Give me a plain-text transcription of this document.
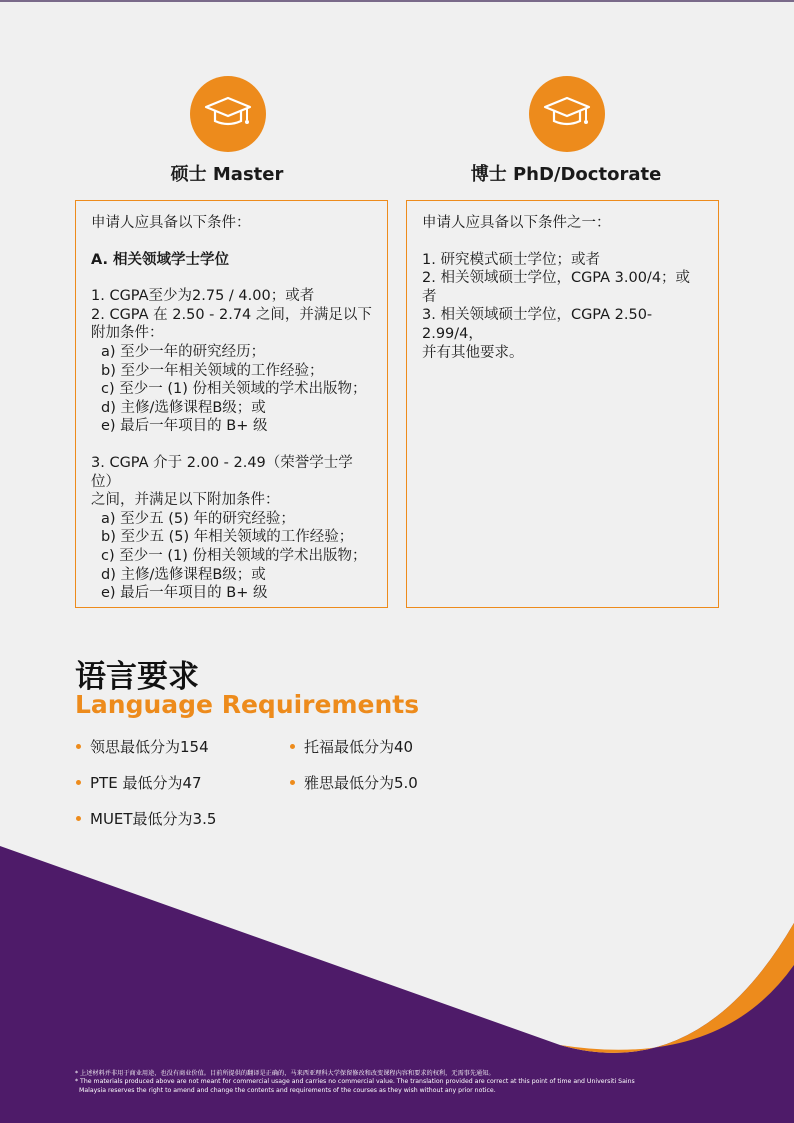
硕士 Master

申请人应具备以下条件：

A. 相关领域学士学位

1. CGPA至少为2.75 / 4.00；或者

2. CGPA 在 2.50 - 2.74 之间，并满足以下

附加条件：

a) 至少一年的研究经历；

b) 至少一年相关领域的工作经验；

c) 至少一 (1) 份相关领域的学术出版物；

d) 主修/选修课程B级；或

e) 最后一年项目的 B+ 级

3. CGPA 介于 2.00 - 2.49（荣誉学士学位）

之间，并满足以下附加条件：

a) 至少五 (5) 年的研究经验；

b) 至少五 (5) 年相关领域的工作经验；

c) 至少一 (1) 份相关领域的学术出版物；

d) 主修/选修课程B级；或

e) 最后一年项目的 B+ 级

博士 PhD/Doctorate

申请人应具备以下条件之一：

1. 研究模式硕士学位；或者

2. 相关领域硕士学位，CGPA 3.00/4；或者

3. 相关领域硕士学位，CGPA 2.50-2.99/4，

并有其他要求。

语言要求
Language Requirements
领思最低分为154	托福最低分为40
PTE 最低分为47	雅思最低分为5.0
MUET最低分为3.5

* 上述材料并非用于商业用途，也没有商业价值。目前所提供的翻译是正确的，马来西亚理科大学保留修改和改变课程内容和要求的权利，无需事先通知。

* The materials produced above are not meant for commercial usage and carries no commercial value. The translation provided are correct at this point of time and Universiti Sains

Malaysia reserves the right to amend and change the contents and requirements of the courses as they wish without any prior notice.
